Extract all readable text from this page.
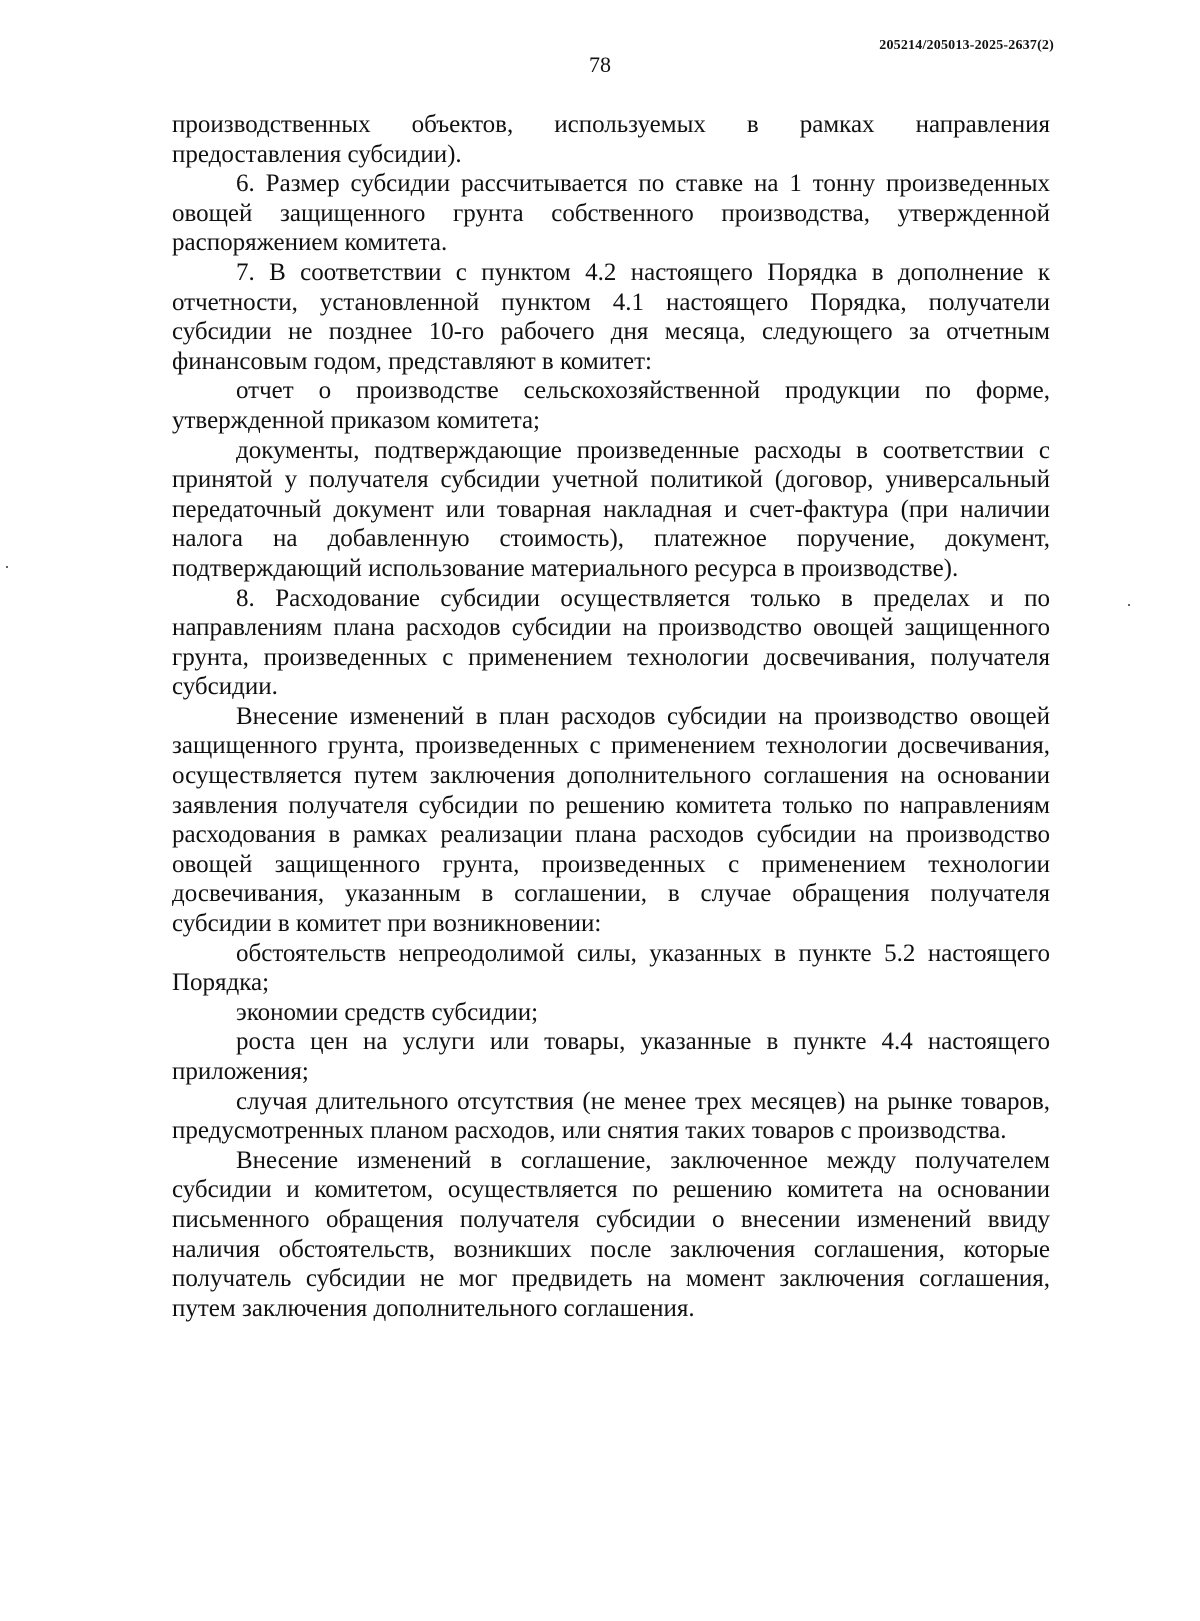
205214/205013-2025-2637(2)
78

производственных объектов, используемых в рамках направления предоставления субсидии).

6. Размер субсидии рассчитывается по ставке на 1 тонну произведенных овощей защищенного грунта собственного производства, утвержденной распоряжением комитета.

7. В соответствии с пунктом 4.2 настоящего Порядка в дополнение к отчетности, установленной пунктом 4.1 настоящего Порядка, получатели субсидии не позднее 10-го рабочего дня месяца, следующего за отчетным финансовым годом, представляют в комитет:

отчет о производстве сельскохозяйственной продукции по форме, утвержденной приказом комитета;

документы, подтверждающие произведенные расходы в соответствии с принятой у получателя субсидии учетной политикой (договор, универсальный передаточный документ или товарная накладная и счет-фактура (при наличии налога на добавленную стоимость), платежное поручение, документ, подтверждающий использование материального ресурса в производстве).

8. Расходование субсидии осуществляется только в пределах и по направлениям плана расходов субсидии на производство овощей защищенного грунта, произведенных с применением технологии досвечивания, получателя субсидии.

Внесение изменений в план расходов субсидии на производство овощей защищенного грунта, произведенных с применением технологии досвечивания, осуществляется путем заключения дополнительного соглашения на основании заявления получателя субсидии по решению комитета только по направлениям расходования в рамках реализации плана расходов субсидии на производство овощей защищенного грунта, произведенных с применением технологии досвечивания, указанным в соглашении, в случае обращения получателя субсидии в комитет при возникновении:

обстоятельств непреодолимой силы, указанных в пункте 5.2 настоящего Порядка;

экономии средств субсидии;

роста цен на услуги или товары, указанные в пункте 4.4 настоящего приложения;

случая длительного отсутствия (не менее трех месяцев) на рынке товаров, предусмотренных планом расходов, или снятия таких товаров с производства.

Внесение изменений в соглашение, заключенное между получателем субсидии и комитетом, осуществляется по решению комитета на основании письменного обращения получателя субсидии о внесении изменений ввиду наличия обстоятельств, возникших после заключения соглашения, которые получатель субсидии не мог предвидеть на момент заключения соглашения, путем заключения дополнительного соглашения.
